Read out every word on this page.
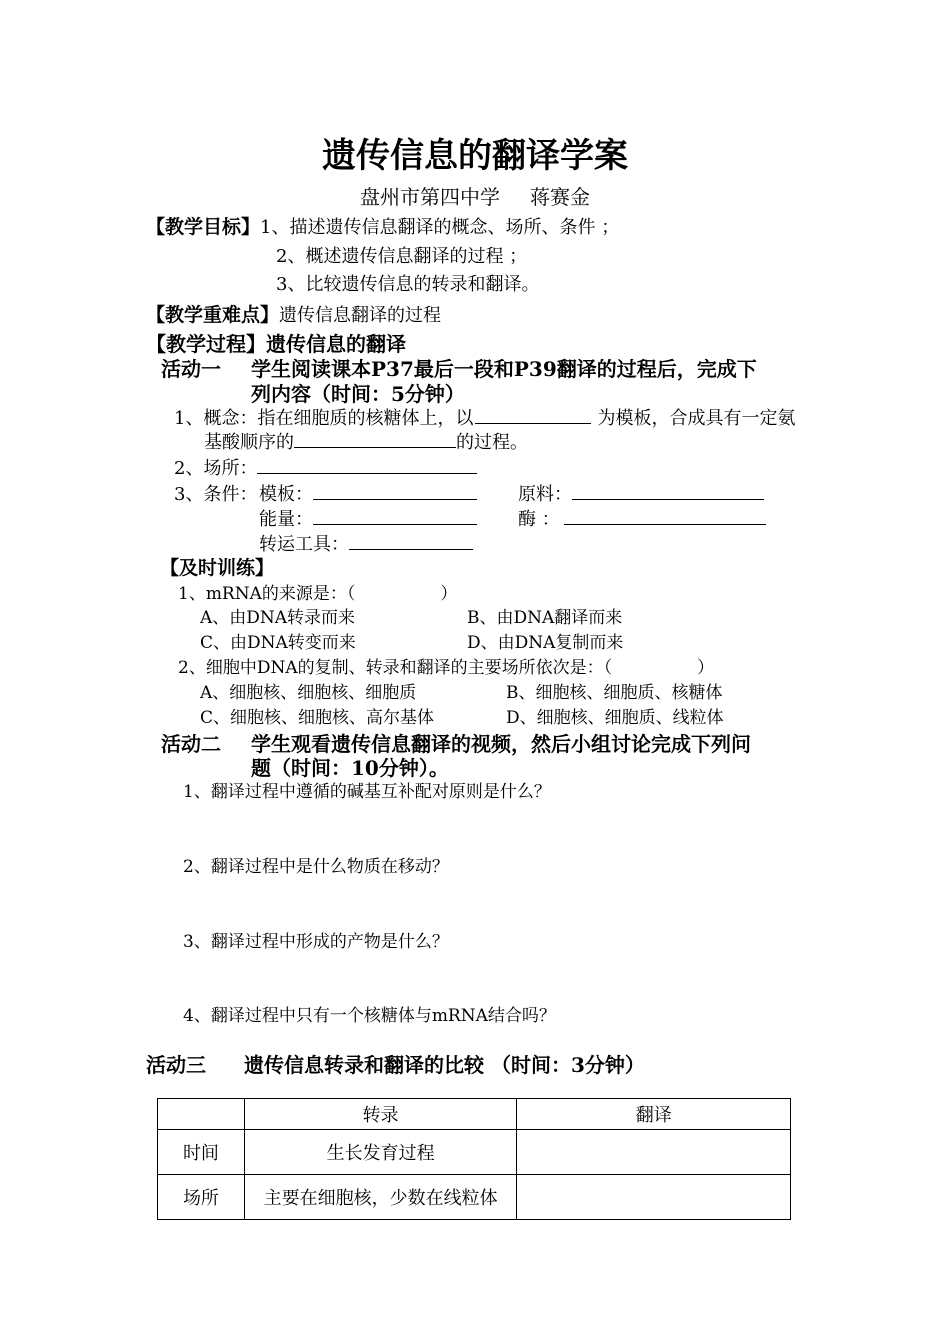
遗传信息的翻译学案
盘州市第四中学 蒋赛金
【教学目标】1、描述遗传信息翻译的概念、场所、条件 ；
2、概述遗传信息翻译的过程 ；
3、比较遗传信息的转录和翻译。
【教学重难点】遗传信息翻译的过程
【教学过程】遗传信息的翻译
活动一 学生阅读课本P37最后一段和P39翻译的过程后，完成下
列内容（时间：5分钟）
1、概念：指在细胞质的核糖体上，以	为模板，合成具有一定氨
基酸顺序的	的过程。
2、场所：
3、条件： 模板：	原料：
能量：	酶 ：
转运工具：
【及时训练】
1、mRNA的来源是：（　　　　　）
A、由DNA转录而来	B、由DNA翻译而来
C、由DNA转变而来	D、由DNA复制而来
2、细胞中DNA的复制、转录和翻译的主要场所依次是：（　　　　　）
A、细胞核、细胞核、细胞质	B、细胞核、细胞质、核糖体
C、细胞核、细胞核、高尔基体	D、细胞核、细胞质、线粒体
活动二 学生观看遗传信息翻译的视频，然后小组讨论完成下列问
题（时间：10分钟）。
1、翻译过程中遵循的碱基互补配对原则是什么？
2、翻译过程中是什么物质在移动？
3、翻译过程中形成的产物是什么？
4、翻译过程中只有一个核糖体与mRNA结合吗？
活动三 遗传信息转录和翻译的比较 （时间：3分钟）
	转录	翻译
时间	生长发育过程	
场所	主要在细胞核，少数在线粒体	
